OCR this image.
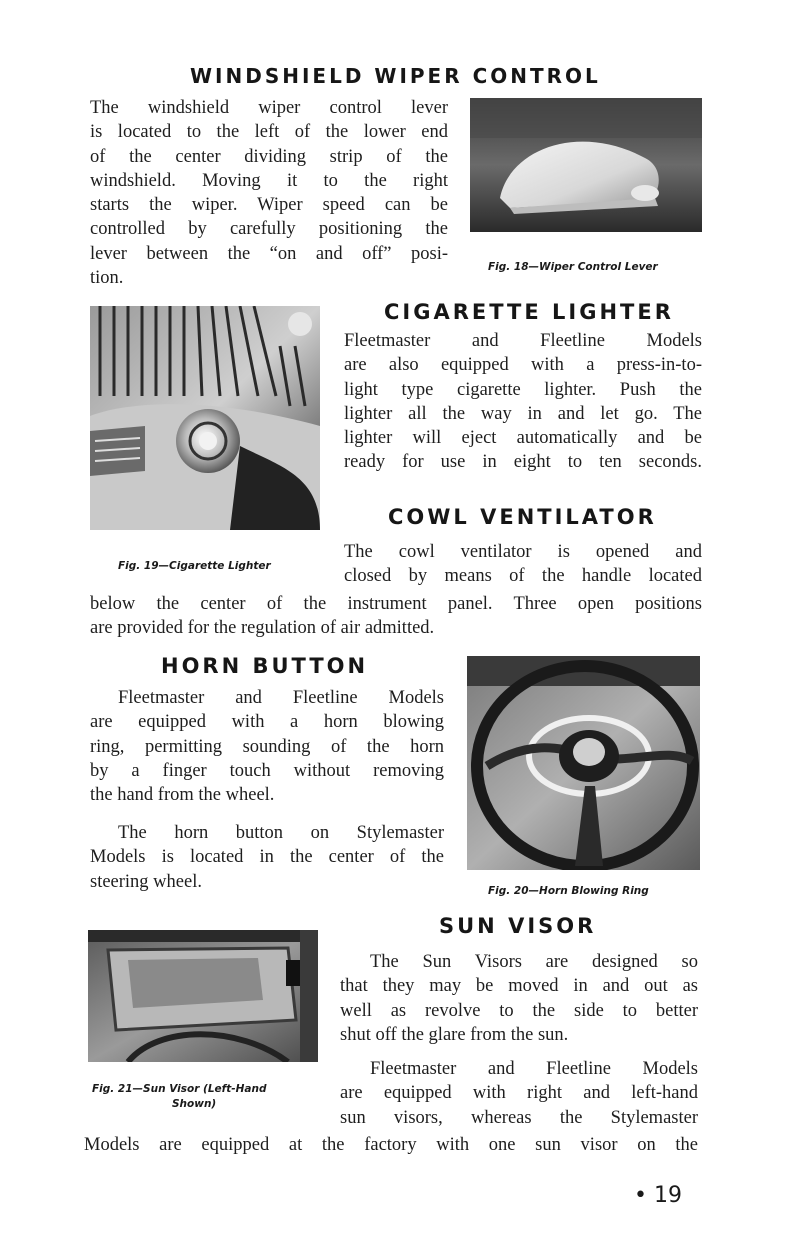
WINDSHIELD WIPER CONTROL
The windshield wiper control lever
is located to the left of the lower end
of the center dividing strip of the
windshield. Moving it to the right
starts the wiper. Wiper speed can be
controlled by carefully positioning the
lever between the “on and off” posi-
tion.
Fig. 18—Wiper Control Lever
Fig. 19—Cigarette Lighter
CIGARETTE LIGHTER
Fleetmaster and Fleetline Models
are also equipped with a press-in-to-
light type cigarette lighter. Push the
lighter all the way in and let go. The
lighter will eject automatically and be
ready for use in eight to ten seconds.
COWL VENTILATOR
The cowl ventilator is opened and
closed by means of the handle located
below the center of the instrument panel. Three open positions
are provided for the regulation of air admitted.
HORN BUTTON
Fleetmaster and Fleetline Models
are equipped with a horn blowing
ring, permitting sounding of the horn
by a finger touch without removing
the hand from the wheel.
The horn button on Stylemaster
Models is located in the center of the
steering wheel.	Fig. 20—Horn Blowing Ring
SUN VISOR
Fig. 21—Sun Visor (Left-Hand
Shown)
The Sun Visors are designed so
that they may be moved in and out as
well as revolve to the side to better
shut off the glare from the sun.
Fleetmaster and Fleetline Models
are equipped with right and left-hand
sun visors, whereas the Stylemaster
Models are equipped at the factory with one sun visor on the
• 19
